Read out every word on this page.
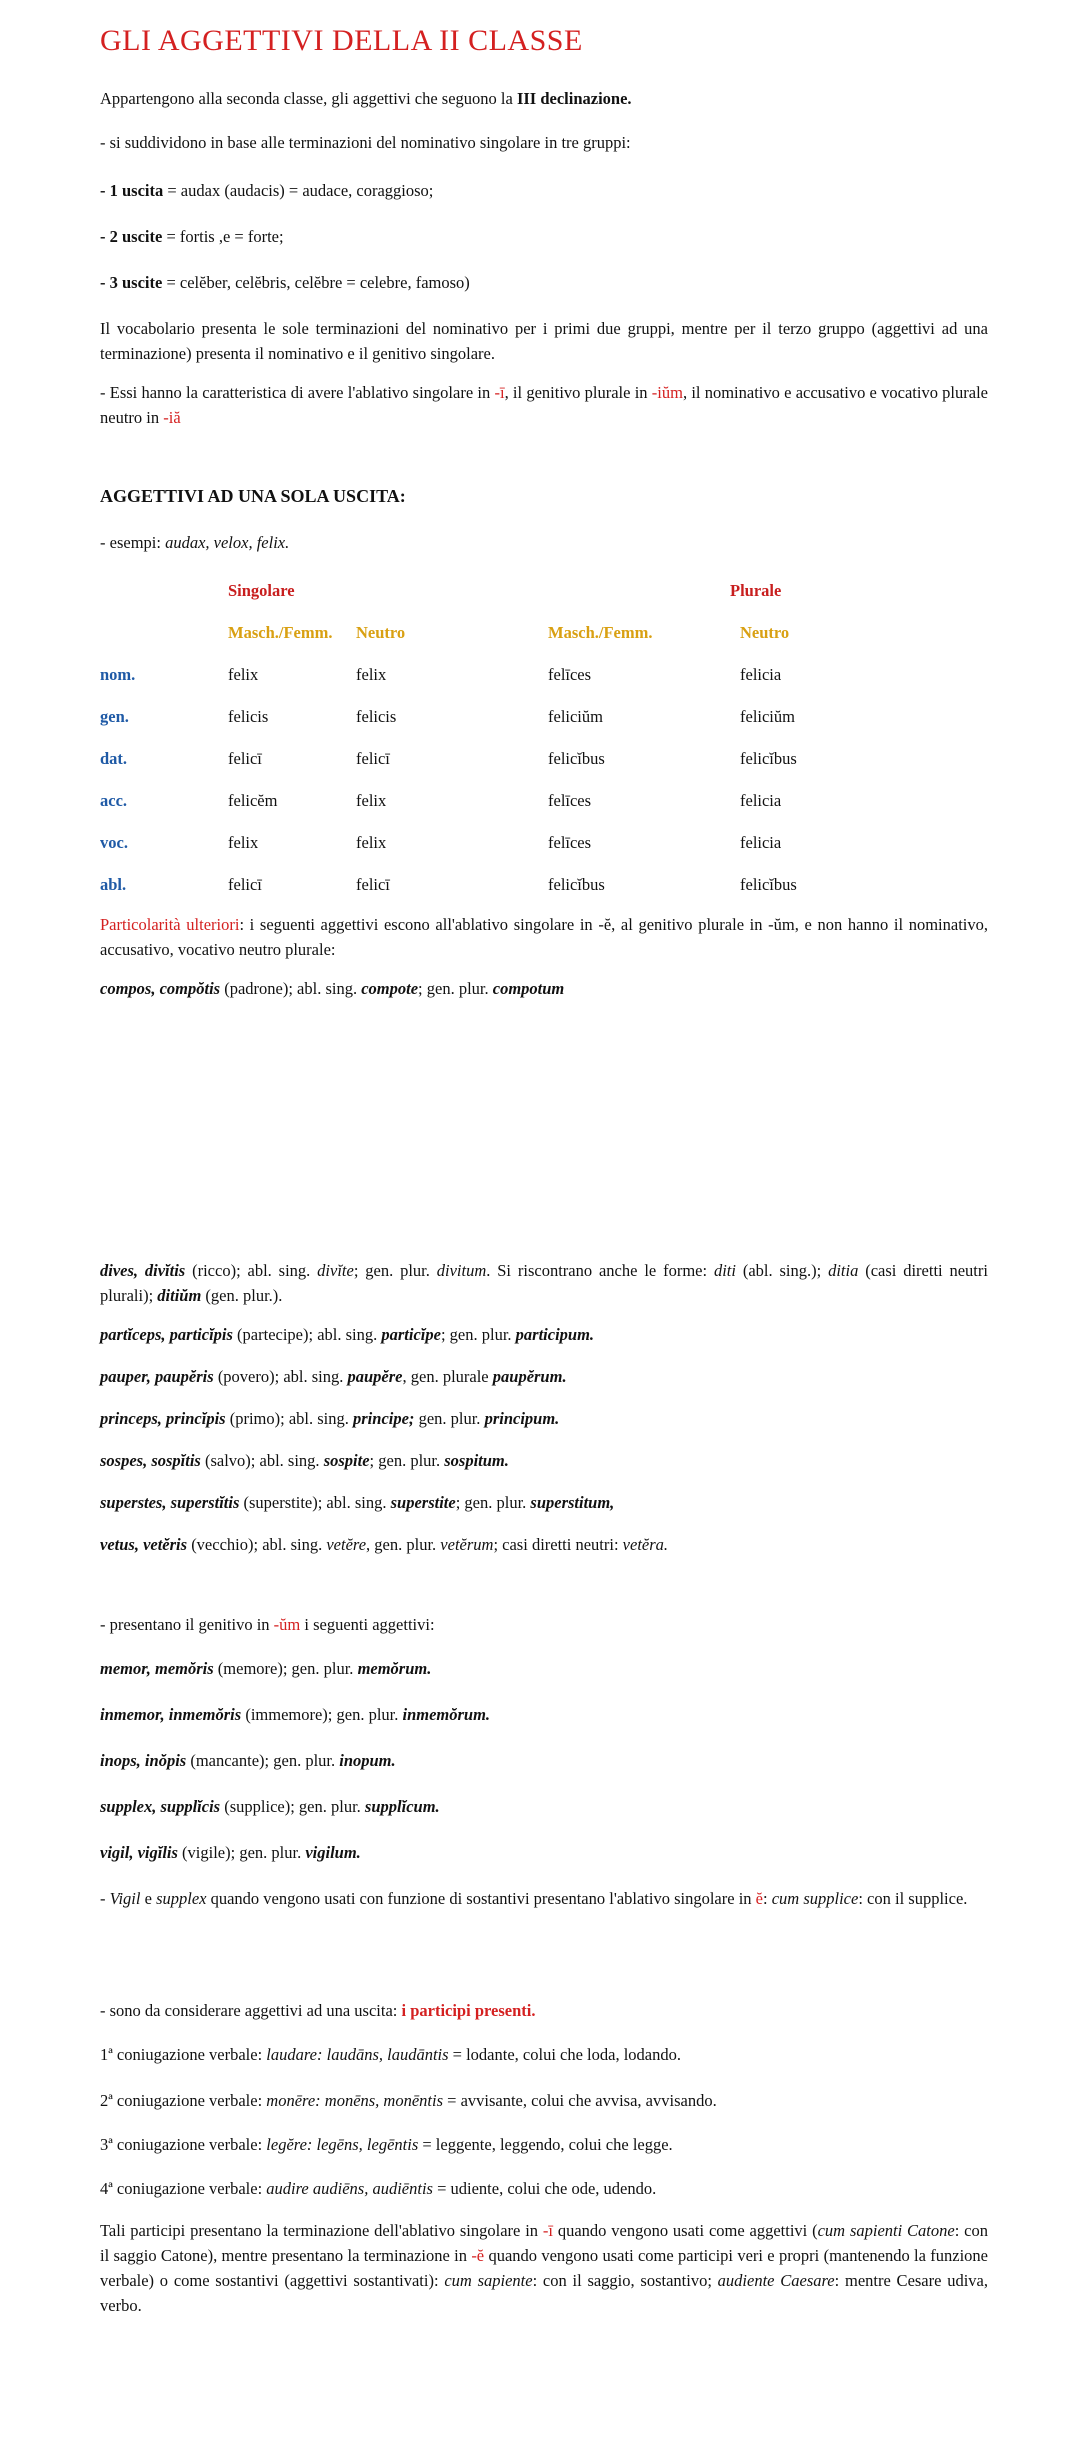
GLI AGGETTIVI DELLA II CLASSE

Appartengono alla seconda classe, gli aggettivi che seguono la III declinazione.

- si suddividono in base alle terminazioni del nominativo singolare in tre gruppi:

- 1 uscita = audax (audacis) = audace, coraggioso;

- 2 uscite = fortis ,e = forte;

- 3 uscite = celĕber, celĕbris, celĕbre = celebre, famoso)

Il vocabolario presenta le sole terminazioni del nominativo per i primi due gruppi, mentre per il terzo gruppo (aggettivi ad una terminazione) presenta il nominativo e il genitivo singolare.

- Essi hanno la caratteristica di avere l'ablativo singolare in -ī, il genitivo plurale in -iŭm, il nominativo e accusativo e vocativo plurale neutro in -iă

AGGETTIVI AD UNA SOLA USCITA:

- esempi: audax, velox, felix.

	Singolare			Plurale
	Masch./Femm.	Neutro	Masch./Femm.	Neutro
nom.	felix	felix	felīces	felicia
gen.	felicis	felicis	feliciŭm	feliciŭm
dat.	felicī	felicī	felicĭbus	felicĭbus
acc.	felicĕm	felix	felīces	felicia
voc.	felix	felix	felīces	felicia
abl.	felicī	felicī	felicĭbus	felicĭbus

Particolarità ulteriori: i seguenti aggettivi escono all'ablativo singolare in -ĕ, al genitivo plurale in -ŭm, e non hanno il nominativo, accusativo, vocativo neutro plurale:

compos, compŏtis (padrone); abl. sing. compote; gen. plur. compotum

dives, divĭtis (ricco); abl. sing. divĭte; gen. plur. divitum. Si riscontrano anche le forme: diti (abl. sing.); ditia (casi diretti neutri plurali); ditiŭm (gen. plur.).

partĭceps, particĭpis (partecipe); abl. sing. particĭpe; gen. plur. participum.

pauper, paupĕris (povero); abl. sing. paupĕre, gen. plurale paupĕrum.

princeps, princĭpis (primo); abl. sing. principe; gen. plur. principum.

sospes, sospĭtis (salvo); abl. sing. sospite; gen. plur. sospitum.

superstes, superstĭtis (superstite); abl. sing. superstite; gen. plur. superstitum,

vetus, vetĕris (vecchio); abl. sing. vetĕre, gen. plur. vetĕrum; casi diretti neutri: vetĕra.

- presentano il genitivo in -ŭm i seguenti aggettivi:

memor, memŏris (memore); gen. plur. memŏrum.

inmemor, inmemŏris (immemore); gen. plur. inmemŏrum.

inops, inŏpis (mancante); gen. plur. inopum.

supplex, supplĭcis (supplice); gen. plur. supplĭcum.

vigil, vigĭlis (vigile); gen. plur. vigilum.

- Vigil e supplex quando vengono usati con funzione di sostantivi presentano l'ablativo singolare in ĕ: cum supplice: con il supplice.

- sono da considerare aggettivi ad una uscita: i participi presenti.

1ª coniugazione verbale: laudare: laudāns, laudāntis = lodante, colui che loda, lodando.

2ª coniugazione verbale: monēre: monēns, monēntis = avvisante, colui che avvisa, avvisando.

3ª coniugazione verbale: legĕre: legēns, legēntis = leggente, leggendo, colui che legge.

4ª coniugazione verbale: audire audiēns, audiēntis = udiente, colui che ode, udendo.

Tali participi presentano la terminazione dell'ablativo singolare in -ī quando vengono usati come aggettivi (cum sapienti Catone: con il saggio Catone), mentre presentano la terminazione in -ĕ quando vengono usati come participi veri e propri (mantenendo la funzione verbale) o come sostantivi (aggettivi sostantivati): cum sapiente: con il saggio, sostantivo; audiente Caesare: mentre Cesare udiva, verbo.
